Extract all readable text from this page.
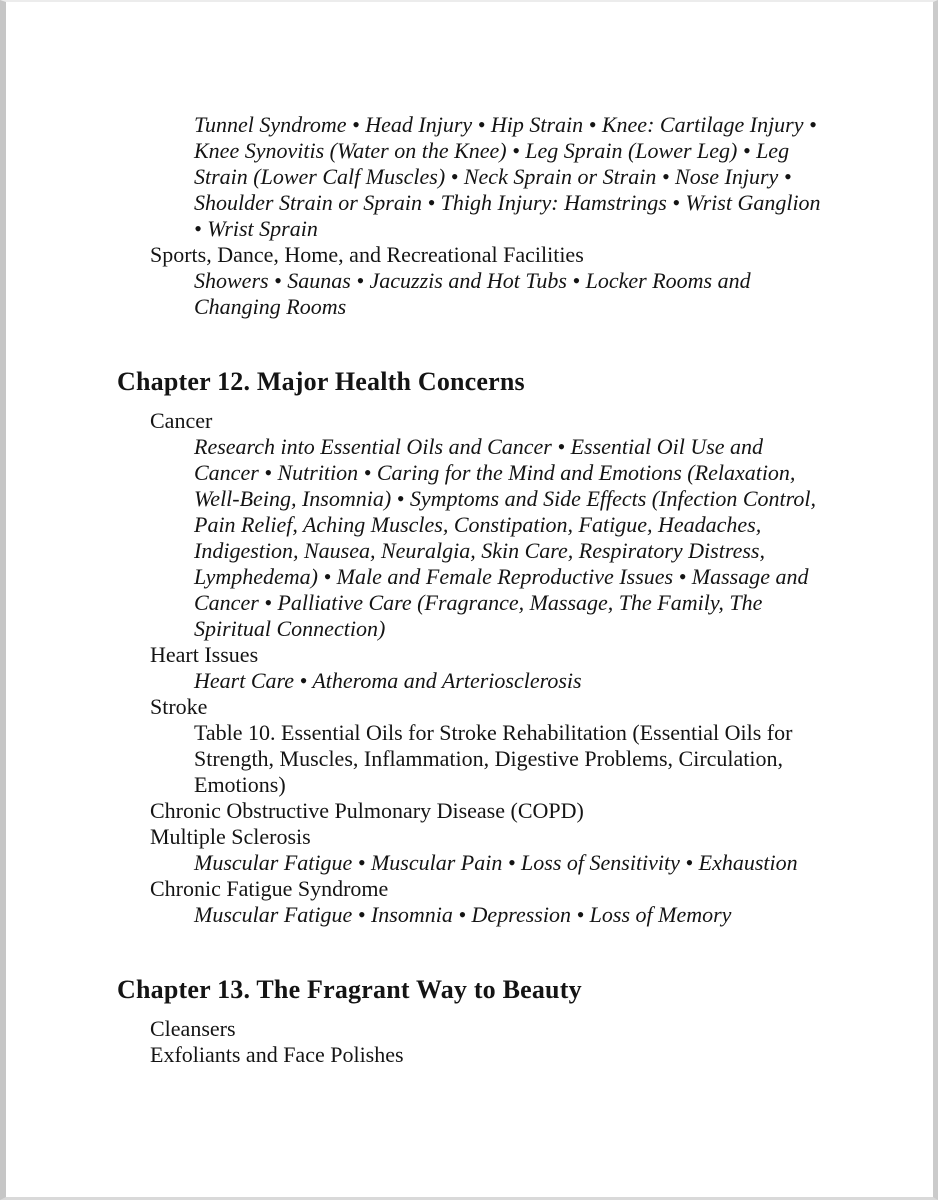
Tunnel Syndrome • Head Injury • Hip Strain • Knee: Cartilage Injury • Knee Synovitis (Water on the Knee) • Leg Sprain (Lower Leg) • Leg Strain (Lower Calf Muscles) • Neck Sprain or Strain • Nose Injury • Shoulder Strain or Sprain • Thigh Injury: Hamstrings • Wrist Ganglion • Wrist Sprain
Sports, Dance, Home, and Recreational Facilities
Showers • Saunas • Jacuzzis and Hot Tubs • Locker Rooms and Changing Rooms
Chapter 12. Major Health Concerns
Cancer
Research into Essential Oils and Cancer • Essential Oil Use and Cancer • Nutrition • Caring for the Mind and Emotions (Relaxation, Well-Being, Insomnia) • Symptoms and Side Effects (Infection Control, Pain Relief, Aching Muscles, Constipation, Fatigue, Headaches, Indigestion, Nausea, Neuralgia, Skin Care, Respiratory Distress, Lymphedema) • Male and Female Reproductive Issues • Massage and Cancer • Palliative Care (Fragrance, Massage, The Family, The Spiritual Connection)
Heart Issues
Heart Care • Atheroma and Arteriosclerosis
Stroke
Table 10. Essential Oils for Stroke Rehabilitation (Essential Oils for Strength, Muscles, Inflammation, Digestive Problems, Circulation, Emotions)
Chronic Obstructive Pulmonary Disease (COPD)
Multiple Sclerosis
Muscular Fatigue • Muscular Pain • Loss of Sensitivity • Exhaustion
Chronic Fatigue Syndrome
Muscular Fatigue • Insomnia • Depression • Loss of Memory
Chapter 13. The Fragrant Way to Beauty
Cleansers
Exfoliants and Face Polishes
